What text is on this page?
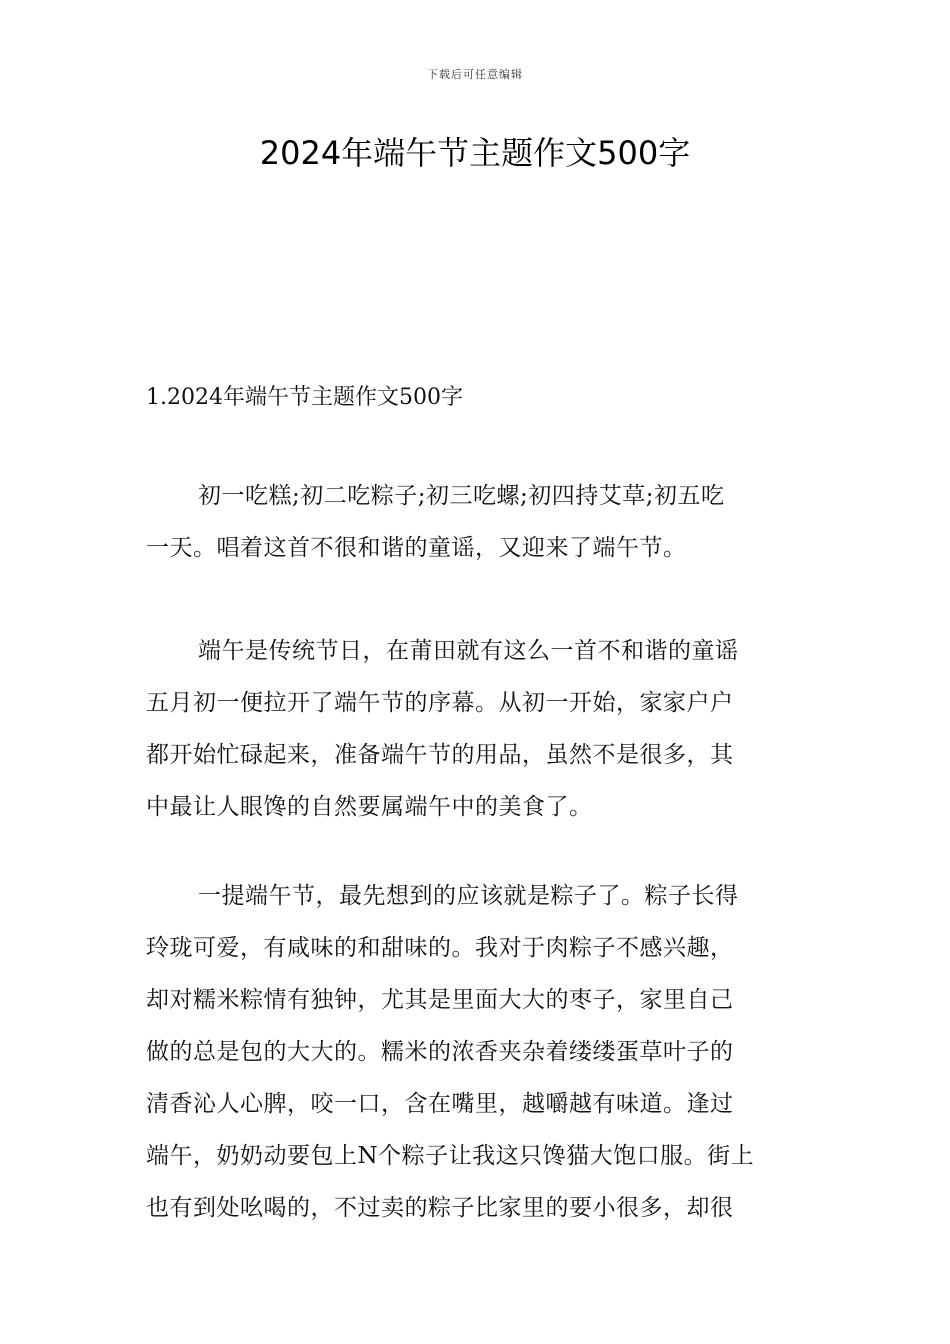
下载后可任意编辑
2024年端午节主题作文500字
1.2024年端午节主题作文500字

初一吃糕;初二吃粽子;初三吃螺;初四持艾草;初五吃
一天。唱着这首不很和谐的童谣，又迎来了端午节。

端午是传统节日，在莆田就有这么一首不和谐的童谣
五月初一便拉开了端午节的序幕。从初一开始，家家户户
都开始忙碌起来，准备端午节的用品，虽然不是很多，其
中最让人眼馋的自然要属端午中的美食了。

一提端午节，最先想到的应该就是粽子了。粽子长得
玲珑可爱，有咸味的和甜味的。我对于肉粽子不感兴趣，
却对糯米粽情有独钟，尤其是里面大大的枣子，家里自己
做的总是包的大大的。糯米的浓香夹杂着缕缕蛋草叶子的
清香沁人心脾，咬一口，含在嘴里，越嚼越有味道。逢过
端午，奶奶动要包上N个粽子让我这只馋猫大饱口服。街上
也有到处吆喝的，不过卖的粽子比家里的要小很多，却很
